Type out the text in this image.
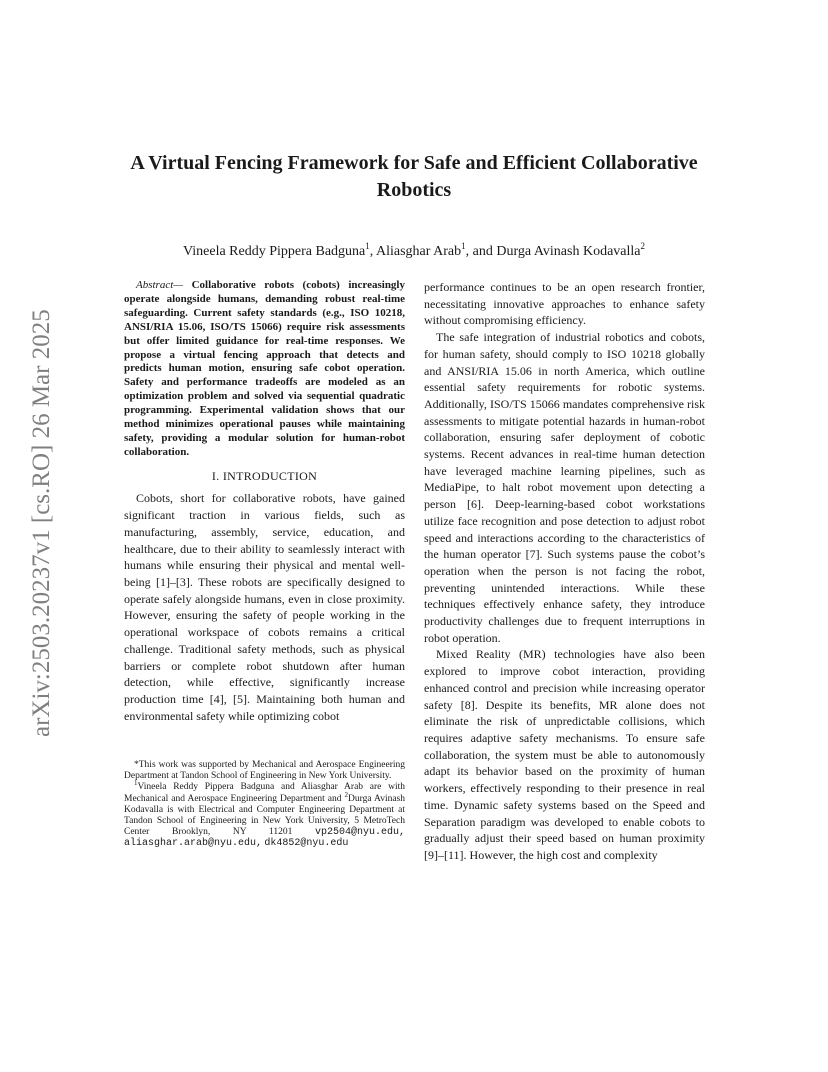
arXiv:2503.20237v1 [cs.RO] 26 Mar 2025
A Virtual Fencing Framework for Safe and Efficient Collaborative Robotics
Vineela Reddy Pippera Badguna$^1$, Aliasghar Arab$^1$, and Durga Avinash Kodavalla$^2$

Abstract— Collaborative robots (cobots) increasingly operate alongside humans, demanding robust real-time safeguarding. Current safety standards (e.g., ISO 10218, ANSI/RIA 15.06, ISO/TS 15066) require risk assessments but offer limited guidance for real-time responses. We propose a virtual fencing approach that detects and predicts human motion, ensuring safe cobot operation. Safety and performance tradeoffs are modeled as an optimization problem and solved via sequential quadratic programming. Experimental validation shows that our method minimizes operational pauses while maintaining safety, providing a modular solution for human-robot collaboration.

I. INTRODUCTION

Cobots, short for collaborative robots, have gained significant traction in various fields, such as manufacturing, assembly, service, education, and healthcare, due to their ability to seamlessly interact with humans while ensuring their physical and mental well-being [1]–[3]. These robots are specifically designed to operate safely alongside humans, even in close proximity. However, ensuring the safety of people working in the operational workspace of cobots remains a critical challenge. Traditional safety methods, such as physical barriers or complete robot shutdown after human detection, while effective, significantly increase production time [4], [5]. Maintaining both human and environmental safety while optimizing cobot

*This work was supported by Mechanical and Aerospace Engineering Department at Tandon School of Engineering in New York University.

$^1$Vineela Reddy Pippera Badguna and Aliasghar Arab are with Mechanical and Aerospace Engineering Department and $^2$Durga Avinash Kodavalla is with Electrical and Computer Engineering Department at Tandon School of Engineering in New York University, 5 MetroTech Center Brooklyn, NY 11201 vp2504@nyu.edu, aliasghar.arab@nyu.edu, dk4852@nyu.edu

performance continues to be an open research frontier, necessitating innovative approaches to enhance safety without compromising efficiency.

The safe integration of industrial robotics and cobots, for human safety, should comply to ISO 10218 globally and ANSI/RIA 15.06 in north America, which outline essential safety requirements for robotic systems. Additionally, ISO/TS 15066 mandates comprehensive risk assessments to mitigate potential hazards in human-robot collaboration, ensuring safer deployment of cobotic systems. Recent advances in real-time human detection have leveraged machine learning pipelines, such as MediaPipe, to halt robot movement upon detecting a person [6]. Deep-learning-based cobot workstations utilize face recognition and pose detection to adjust robot speed and interactions according to the characteristics of the human operator [7]. Such systems pause the cobot’s operation when the person is not facing the robot, preventing unintended interactions. While these techniques effectively enhance safety, they introduce productivity challenges due to frequent interruptions in robot operation.

Mixed Reality (MR) technologies have also been explored to improve cobot interaction, providing enhanced control and precision while increasing operator safety [8]. Despite its benefits, MR alone does not eliminate the risk of unpredictable collisions, which requires adaptive safety mechanisms. To ensure safe collaboration, the system must be able to autonomously adapt its behavior based on the proximity of human workers, effectively responding to their presence in real time. Dynamic safety systems based on the Speed and Separation paradigm was developed to enable cobots to gradually adjust their speed based on human proximity [9]–[11]. However, the high cost and complexity
